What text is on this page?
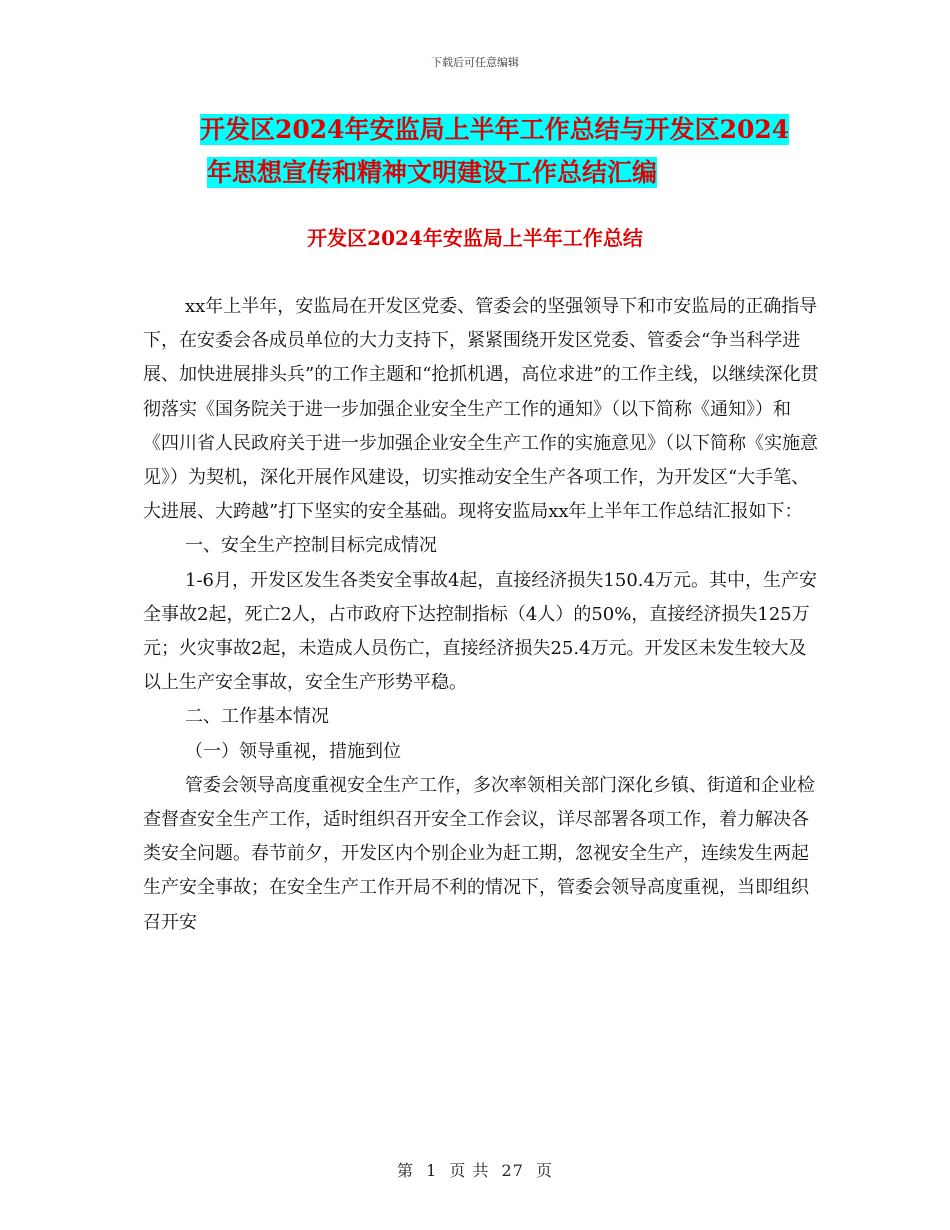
下载后可任意编辑
开发区2024年安监局上半年工作总结与开发区2024
年思想宣传和精神文明建设工作总结汇编
开发区2024年安监局上半年工作总结

xx年上半年，安监局在开发区党委、管委会的坚强领导下和市安监局的正确指导下，在安委会各成员单位的大力支持下，紧紧围绕开发区党委、管委会“争当科学进展、加快进展排头兵”的工作主题和“抢抓机遇，高位求进”的工作主线，以继续深化贯彻落实《国务院关于进一步加强企业安全生产工作的通知》（以下简称《通知》）和《四川省人民政府关于进一步加强企业安全生产工作的实施意见》（以下简称《实施意见》）为契机，深化开展作风建设，切实推动安全生产各项工作，为开发区“大手笔、大进展、大跨越”打下坚实的安全基础。现将安监局xx年上半年工作总结汇报如下：

一、安全生产控制目标完成情况

1-6月，开发区发生各类安全事故4起，直接经济损失150.4万元。其中，生产安全事故2起，死亡2人，占市政府下达控制指标（4人）的50%，直接经济损失125万元；火灾事故2起，未造成人员伤亡，直接经济损失25.4万元。开发区未发生较大及以上生产安全事故，安全生产形势平稳。

二、工作基本情况

（一）领导重视，措施到位

管委会领导高度重视安全生产工作，多次率领相关部门深化乡镇、街道和企业检查督查安全生产工作，适时组织召开安全工作会议，详尽部署各项工作，着力解决各类安全问题。春节前夕，开发区内个别企业为赶工期，忽视安全生产，连续发生两起生产安全事故；在安全生产工作开局不利的情况下，管委会领导高度重视，当即组织召开安

第 1 页 共 27 页
